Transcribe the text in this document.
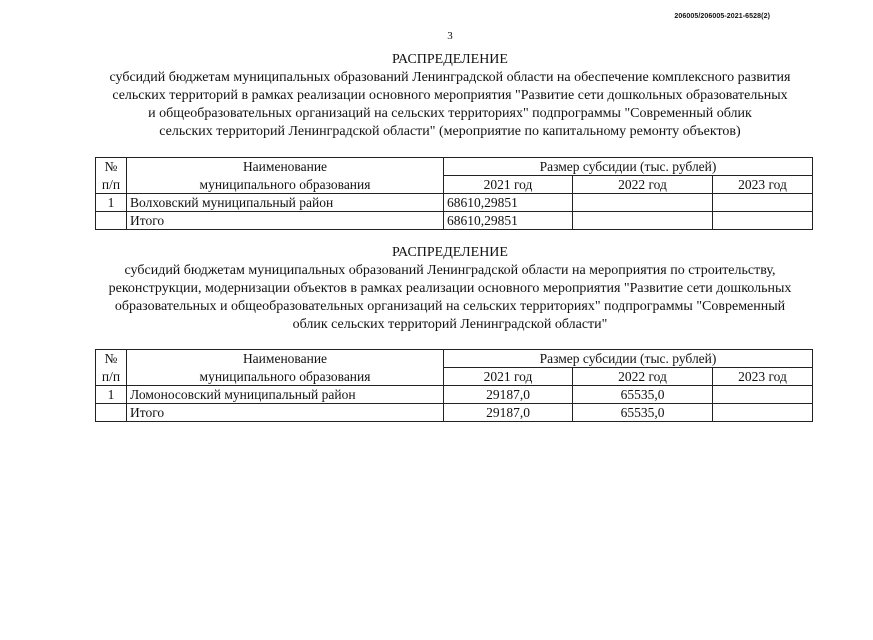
206005/206005-2021-6528(2)
3
РАСПРЕДЕЛЕНИЕ
субсидий бюджетам муниципальных образований Ленинградской области на обеспечение комплексного развития
сельских территорий в рамках реализации основного мероприятия "Развитие сети дошкольных образовательных
и общеобразовательных организаций на сельских территориях" подпрограммы "Современный облик
сельских территорий Ленинградской области" (мероприятие по капитальному ремонту объектов)
№	Наименование	Размер субсидии (тыс. рублей)		
п/п	муниципального образования	2021 год	2022 год	2023 год
1	Волховский муниципальный район	68610,29851		
	Итого	68610,29851		
РАСПРЕДЕЛЕНИЕ
субсидий бюджетам муниципальных образований Ленинградской области на мероприятия по строительству,
реконструкции, модернизации объектов в рамках реализации основного мероприятия "Развитие сети дошкольных
образовательных и общеобразовательных организаций на сельских территориях" подпрограммы "Современный
облик сельских территорий Ленинградской области"
№	Наименование	Размер субсидии (тыс. рублей)		
п/п	муниципального образования	2021 год	2022 год	2023 год
1	Ломоносовский муниципальный район	29187,0	65535,0	
	Итого	29187,0	65535,0	
